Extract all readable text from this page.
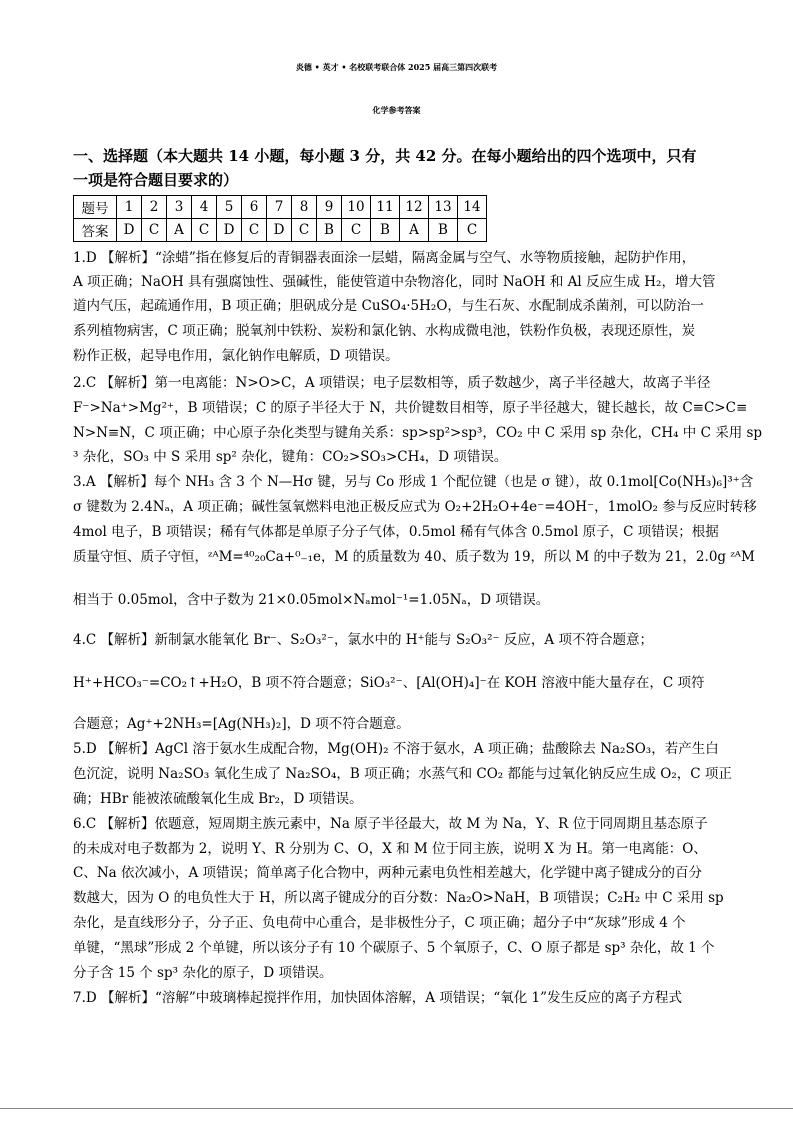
炎德 • 英才 • 名校联考联合体 2025 届高三第四次联考
化学参考答案
一、选择题（本大题共 14 小题，每小题 3 分，共 42 分。在每小题给出的四个选项中，只有
一项是符合题目要求的）
题号	1	2	3	4	5	6	7	8	9	10	11	12	13	14
答案	D	C	A	C	D	C	D	C	B	C	B	A	B	C
1.D 【解析】“涂蜡”指在修复后的青铜器表面涂一层蜡，隔离金属与空气、水等物质接触，起防护作用，
A 项正确；NaOH 具有强腐蚀性、强碱性，能使管道中杂物溶化，同时 NaOH 和 Al 反应生成 H₂，增大管
道内气压，起疏通作用，B 项正确；胆矾成分是 CuSO₄·5H₂O，与生石灰、水配制成杀菌剂，可以防治一
系列植物病害，C 项正确；脱氧剂中铁粉、炭粉和氯化钠、水构成微电池，铁粉作负极，表现还原性，炭
粉作正极，起导电作用，氯化钠作电解质，D 项错误。
2.C 【解析】第一电离能：N>O>C，A 项错误；电子层数相等，质子数越少，离子半径越大，故离子半径
F⁻>Na⁺>Mg²⁺，B 项错误；C 的原子半径大于 N，共价键数目相等，原子半径越大，键长越长，故 C≡C>C≡
N>N≡N，C 项正确；中心原子杂化类型与键角关系：sp>sp²>sp³，CO₂ 中 C 采用 sp 杂化，CH₄ 中 C 采用 sp
³ 杂化，SO₃ 中 S 采用 sp² 杂化，键角：CO₂>SO₃>CH₄，D 项错误。
3.A 【解析】每个 NH₃ 含 3 个 N—Hσ 键，另与 Co 形成 1 个配位键（也是 σ 键），故 0.1mol[Co(NH₃)₆]³⁺含
σ 键数为 2.4Nₐ，A 项正确；碱性氢氧燃料电池正极反应式为 O₂+2H₂O+4e⁻=4OH⁻，1molO₂ 参与反应时转移
4mol 电子，B 项错误；稀有气体都是单原子分子气体，0.5mol 稀有气体含 0.5mol 原子，C 项错误；根据
质量守恒、质子守恒，ᶻᴬM=⁴⁰₂₀Ca+⁰₋₁e，M 的质量数为 40、质子数为 19，所以 M 的中子数为 21，2.0g ᶻᴬM
相当于 0.05mol，含中子数为 21×0.05mol×Nₐmol⁻¹=1.05Nₐ，D 项错误。
4.C 【解析】新制氯水能氧化 Br⁻、S₂O₃²⁻，氯水中的 H⁺能与 S₂O₃²⁻ 反应，A 项不符合题意；
H⁺+HCO₃⁻=CO₂↑+H₂O，B 项不符合题意；SiO₃²⁻、[Al(OH)₄]⁻在 KOH 溶液中能大量存在，C 项符
合题意；Ag⁺+2NH₃=[Ag(NH₃)₂]，D 项不符合题意。
5.D 【解析】AgCl 溶于氨水生成配合物，Mg(OH)₂ 不溶于氨水，A 项正确；盐酸除去 Na₂SO₃，若产生白
色沉淀，说明 Na₂SO₃ 氧化生成了 Na₂SO₄，B 项正确；水蒸气和 CO₂ 都能与过氧化钠反应生成 O₂，C 项正
确；HBr 能被浓硫酸氧化生成 Br₂，D 项错误。
6.C 【解析】依题意，短周期主族元素中，Na 原子半径最大，故 M 为 Na，Y、R 位于同周期且基态原子
的未成对电子数都为 2，说明 Y、R 分别为 C、O，X 和 M 位于同主族，说明 X 为 H。第一电离能：O、
C、Na 依次减小，A 项错误；简单离子化合物中，两种元素电负性相差越大，化学键中离子键成分的百分
数越大，因为 O 的电负性大于 H，所以离子键成分的百分数：Na₂O>NaH，B 项错误；C₂H₂ 中 C 采用 sp
杂化，是直线形分子，分子正、负电荷中心重合，是非极性分子，C 项正确；超分子中“灰球”形成 4 个
单键，“黑球”形成 2 个单键，所以该分子有 10 个碳原子、5 个氧原子，C、O 原子都是 sp³ 杂化，故 1 个
分子含 15 个 sp³ 杂化的原子，D 项错误。
7.D 【解析】“溶解”中玻璃棒起搅拌作用，加快固体溶解，A 项错误；“氧化 1”发生反应的离子方程式
